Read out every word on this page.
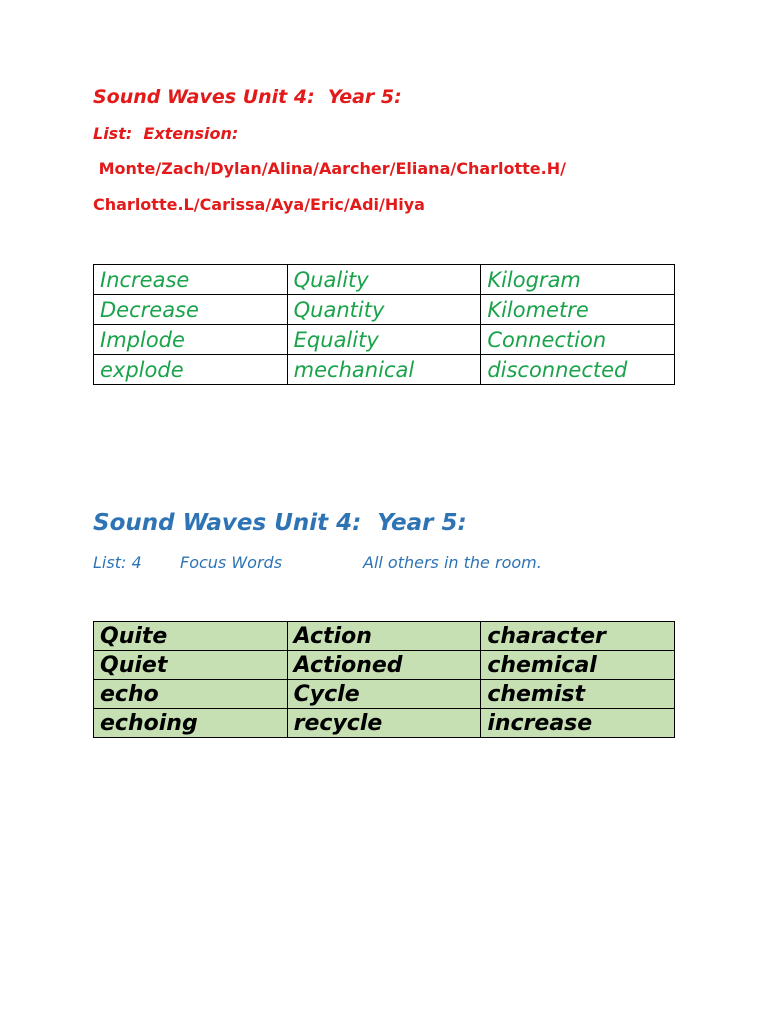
Sound Waves Unit 4:  Year 5:
List:  Extension:
Monte/Zach/Dylan/Alina/Aarcher/Eliana/Charlotte.H/
Charlotte.L/Carissa/Aya/Eric/Adi/Hiya
Increase	Quality	Kilogram
Decrease	Quantity	Kilometre
Implode	Equality	Connection
explode	mechanical	disconnected
Sound Waves Unit 4:  Year 5:
List: 4 Focus Words	All others in the room.
Quite	Action	character
Quiet	Actioned	chemical
echo	Cycle	chemist
echoing	recycle	increase
